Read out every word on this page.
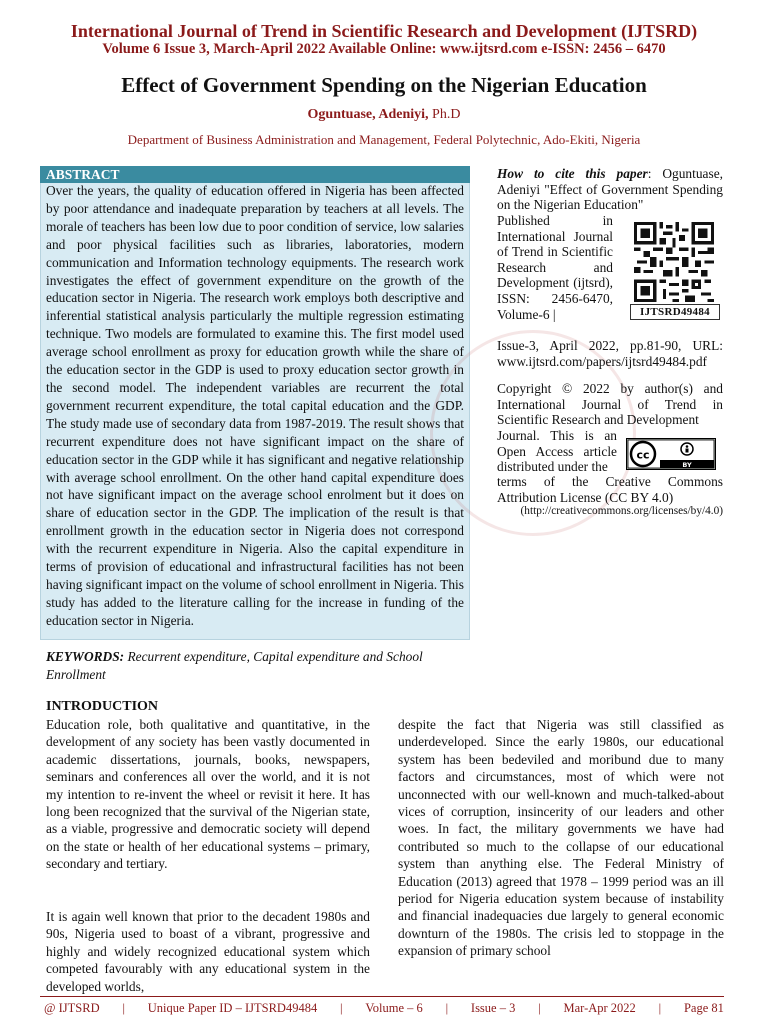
International Journal of Trend in Scientific Research and Development (IJTSRD)
Volume 6 Issue 3, March-April 2022 Available Online: www.ijtsrd.com e-ISSN: 2456 – 6470
Effect of Government Spending on the Nigerian Education
Oguntuase, Adeniyi, Ph.D
Department of Business Administration and Management, Federal Polytechnic, Ado-Ekiti, Nigeria
ABSTRACT
Over the years, the quality of education offered in Nigeria has been affected by poor attendance and inadequate preparation by teachers at all levels. The morale of teachers has been low due to poor condition of service, low salaries and poor physical facilities such as libraries, laboratories, modern communication and Information technology equipments. The research work investigates the effect of government expenditure on the growth of the education sector in Nigeria. The research work employs both descriptive and inferential statistical analysis particularly the multiple regression estimating technique. Two models are formulated to examine this. The first model used average school enrollment as proxy for education growth while the share of the education sector in the GDP is used to proxy education sector growth in the second model. The independent variables are recurrent the total government recurrent expenditure, the total capital education and the GDP. The study made use of secondary data from 1987-2019. The result shows that recurrent expenditure does not have significant impact on the share of education sector in the GDP while it has significant and negative relationship with average school enrollment. On the other hand capital expenditure does not have significant impact on the average school enrolment but it does on share of education sector in the GDP. The implication of the result is that enrollment growth in the education sector in Nigeria does not correspond with the recurrent expenditure in Nigeria. Also the capital expenditure in terms of provision of educational and infrastructural facilities has not been having significant impact on the volume of school enrollment in Nigeria. This study has added to the literature calling for the increase in funding of the education sector in Nigeria.
KEYWORDS: Recurrent expenditure, Capital expenditure and School Enrollment
How to cite this paper: Oguntuase, Adeniyi "Effect of Government Spending on the Nigerian Education"
Published in International Journal of Trend in Scientific Research and Development (ijtsrd), ISSN: 2456-6470, Volume-6 |
Issue-3, April 2022, pp.81-90, URL: www.ijtsrd.com/papers/ijtsrd49484.pdf
IJTSRD49484
Copyright © 2022 by author(s) and International Journal of Trend in Scientific Research and Development
Journal. This is an Open Access article distributed under the
cc
BY
terms of the Creative Commons Attribution License (CC BY 4.0)
(http://creativecommons.org/licenses/by/4.0)
INTRODUCTION
Education role, both qualitative and quantitative, in the development of any society has been vastly documented in academic dissertations, journals, books, newspapers, seminars and conferences all over the world, and it is not my intention to re-invent the wheel or revisit it here. It has long been recognized that the survival of the Nigerian state, as a viable, progressive and democratic society will depend on the state or health of her educational systems – primary, secondary and tertiary.
It is again well known that prior to the decadent 1980s and 90s, Nigeria used to boast of a vibrant, progressive and highly and widely recognized educational system which competed favourably with any educational system in the developed worlds,
despite the fact that Nigeria was still classified as underdeveloped. Since the early 1980s, our educational system has been bedeviled and moribund due to many factors and circumstances, most of which were not unconnected with our well-known and much-talked-about vices of corruption, insincerity of our leaders and other woes. In fact, the military governments we have had contributed so much to the collapse of our educational system than anything else. The Federal Ministry of Education (2013) agreed that 1978 – 1999 period was an ill period for Nigeria education system because of instability and financial inadequacies due largely to general economic downturn of the 1980s. The crisis led to stoppage in the expansion of primary school
@ IJTSRD | Unique Paper ID – IJTSRD49484 | Volume – 6 | Issue – 3 | Mar-Apr 2022 | Page 81
